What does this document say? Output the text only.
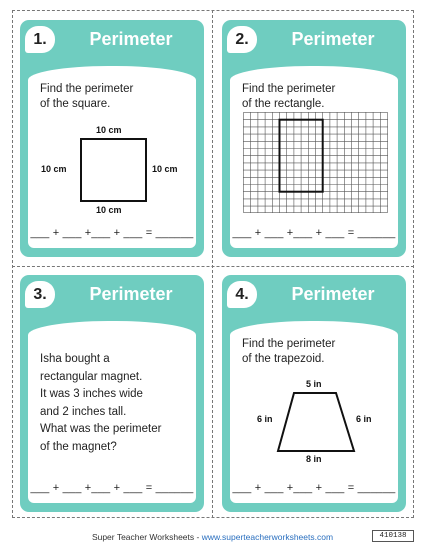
1.	Perimeter
Find the perimeter
of the square.
10 cm
10 cm
10 cm	10 cm
___ + ___ +___ + ___ = ______
2.	Perimeter
Find the perimeter
of the rectangle.
___ + ___ +___ + ___ = ______
3.	Perimeter
Isha bought a
rectangular magnet.
It was 3 inches wide
and 2 inches tall.
What was the perimeter
of the magnet?
___ + ___ +___ + ___ = ______
4.	Perimeter
Find the perimeter
of the trapezoid.
5 in
8 in
6 in	6 in
___ + ___ +___ + ___ = ______
Super Teacher Worksheets - www.superteacherworksheets.com	410138
